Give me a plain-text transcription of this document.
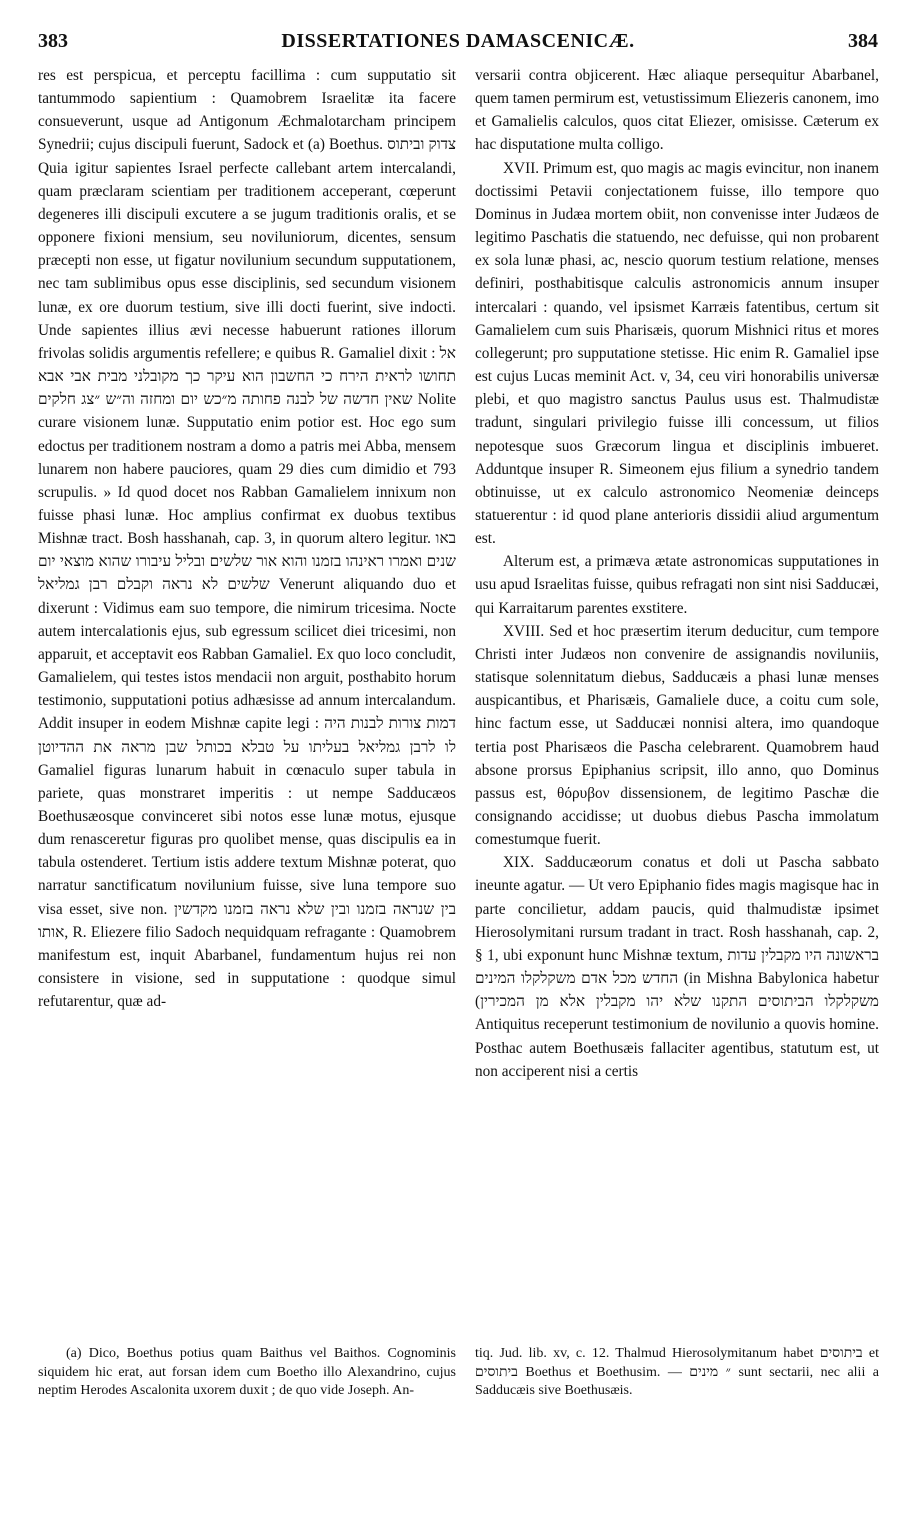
383	DISSERTATIONES DAMASCENICÆ.	384

res est perspicua, et perceptu facillima : cum supputatio sit tantummodo sapientium : Quamobrem Israelitæ ita facere consueverunt, usque ad Antigonum Æchmalotarcham principem Synedrii; cujus discipuli fuerunt, Sadock et (a) Boethus. צדוק וביתוס Quia igitur sapientes Israel perfecte callebant artem intercalandi, quam præclaram scientiam per traditionem acceperant, cœperunt degeneres illi discipuli excutere a se jugum traditionis oralis, et se opponere fixioni mensium, seu noviluniorum, dicentes, sensum præcepti non esse, ut figatur novilunium secundum supputationem, nec tam sublimibus opus esse disciplinis, sed secundum visionem lunæ, ex ore duorum testium, sive illi docti fuerint, sive indocti. Unde sapientes illius ævi necesse habuerunt rationes illorum frivolas solidis argumentis refellere; e quibus R. Gamaliel dixit : אל תחושו לראית הירח כי החשבון הוא עיקר כך מקובלני מבית אבי אבא שאין חדשה של לבנה פחותה מ״כש יום ומחזה וה״ש ״צג חלקים Nolite curare visionem lunæ. Supputatio enim potior est. Hoc ego sum edoctus per traditionem nostram a domo a patris mei Abba, mensem lunarem non habere pauciores, quam 29 dies cum dimidio et 793 scrupulis. » Id quod docet nos Rabban Gamalielem innixum non fuisse phasi lunæ. Hoc amplius confirmat ex duobus textibus Mishnæ tract. Bosh hasshanah, cap. 3, in quorum altero legitur. באו שנים ואמרו ראינהו בזמנו והוא אור שלשים ובליל עיבורו שהוא מוצאי יום שלשים לא נראה וקבלם רבן גמליאל Venerunt aliquando duo et dixerunt : Vidimus eam suo tempore, die nimirum tricesima. Nocte autem intercalationis ejus, sub egressum scilicet diei tricesimi, non apparuit, et acceptavit eos Rabban Gamaliel. Ex quo loco concludit, Gamalielem, qui testes istos mendacii non arguit, posthabito horum testimonio, supputationi potius adhæsisse ad annum intercalandum. Addit insuper in eodem Mishnæ capite legi : דמות צורות לבנות היה לו לרבן גמליאל בעליתו על טבלא בכותל שבן מראה את ההדיוטן Gamaliel figuras lunarum habuit in cœnaculo super tabula in pariete, quas monstraret imperitis : ut nempe Sadducæos Boethusæosque convinceret sibi notos esse lunæ motus, ejusque dum renasceretur figuras pro quolibet mense, quas discipulis ea in tabula ostenderet. Tertium istis addere textum Mishnæ poterat, quo narratur sanctificatum novilunium fuisse, sive luna tempore suo visa esset, sive non. בין שנראה בזמנו ובין שלא נראה בזמנו מקדשין אותו, R. Eliezere filio Sadoch nequidquam refragante : Quamobrem manifestum est, inquit Abarbanel, fundamentum hujus rei non consistere in visione, sed in supputatione : quodque simul refutarentur, quæ ad-

versarii contra objicerent. Hæc aliaque persequitur Abarbanel, quem tamen permirum est, vetustissimum Eliezeris canonem, imo et Gamalielis calculos, quos citat Eliezer, omisisse. Cæterum ex hac disputatione multa colligo.

XVII. Primum est, quo magis ac magis evincitur, non inanem doctissimi Petavii conjectationem fuisse, illo tempore quo Dominus in Judæa mortem obiit, non convenisse inter Judæos de legitimo Paschatis die statuendo, nec defuisse, qui non probarent ex sola lunæ phasi, ac, nescio quorum testium relatione, menses definiri, posthabitisque calculis astronomicis annum insuper intercalari : quando, vel ipsismet Karræis fatentibus, certum sit Gamalielem cum suis Pharisæis, quorum Mishnici ritus et mores collegerunt; pro supputatione stetisse. Hic enim R. Gamaliel ipse est cujus Lucas meminit Act. v, 34, ceu viri honorabilis universæ plebi, et quo magistro sanctus Paulus usus est. Thalmudistæ tradunt, singulari privilegio fuisse illi concessum, ut filios nepotesque suos Græcorum lingua et disciplinis imbueret. Adduntque insuper R. Simeonem ejus filium a synedrio tandem obtinuisse, ut ex calculo astronomico Neomeniæ deinceps statuerentur : id quod plane anterioris dissidii aliud argumentum est.

Alterum est, a primæva ætate astronomicas supputationes in usu apud Israelitas fuisse, quibus refragati non sint nisi Sadducæi, qui Karraitarum parentes exstitere.

XVIII. Sed et hoc præsertim iterum deducitur, cum tempore Christi inter Judæos non convenire de assignandis noviluniis, statisque solennitatum diebus, Sadducæis a phasi lunæ menses auspicantibus, et Pharisæis, Gamaliele duce, a coitu cum sole, hinc factum esse, ut Sadducæi nonnisi altera, imo quandoque tertia post Pharisæos die Pascha celebrarent. Quamobrem haud absone prorsus Epiphanius scripsit, illo anno, quo Dominus passus est, θόρυβον dissensionem, de legitimo Paschæ die consignando accidisse; ut duobus diebus Pascha immolatum comestumque fuerit.

XIX. Sadducæorum conatus et doli ut Pascha sabbato ineunte agatur. — Ut vero Epiphanio fides magis magisque hac in parte concilietur, addam paucis, quid thalmudistæ ipsimet Hierosolymitani rursum tradant in tract. Rosh hasshanah, cap. 2, § 1, ubi exponunt hunc Mishnæ textum, בראשונה היו מקבלין עדות החדש מכל אדם משקלקלו המינים (in Mishna Babylonica habetur (משקלקלו הביתוסים התקנו שלא יהו מקבלין אלא מן המכירין Antiquitus receperunt testimonium de novilunio a quovis homine. Posthac autem Boethusæis fallaciter agentibus, statutum est, ut non acciperent nisi a certis

(a) Dico, Boethus potius quam Baithus vel Baithos. Cognominis siquidem hic erat, aut forsan idem cum Boetho illo Alexandrino, cujus neptim Herodes Ascalonita uxorem duxit ; de quo vide Joseph. An-

tiq. Jud. lib. xv, c. 12. Thalmud Hierosolymitanum habet ביתוסים et ביתוסים Boethus et Boethusim. — ״ מינים sunt sectarii, nec alii a Sadducæis sive Boethusæis.
